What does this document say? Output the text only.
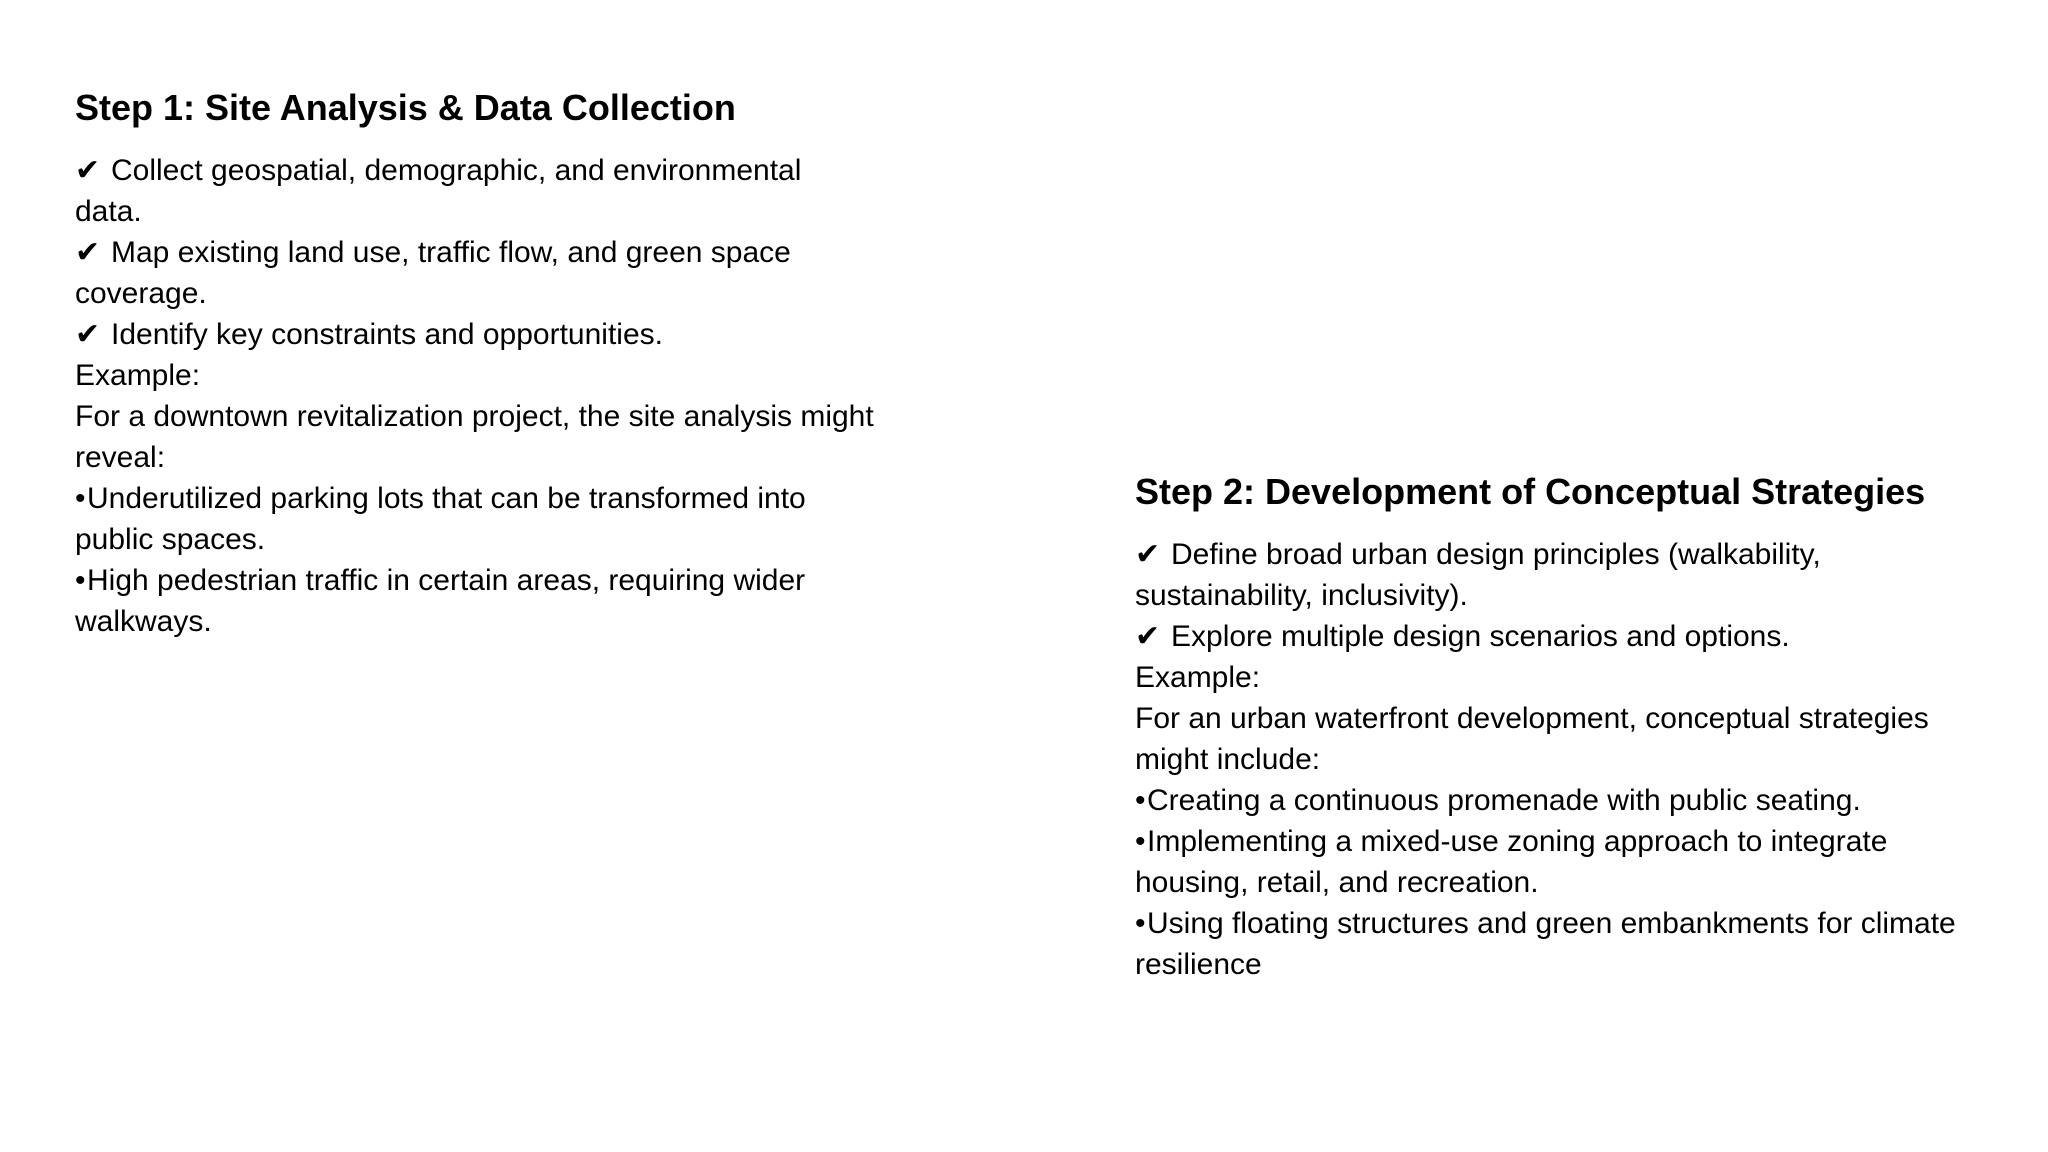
Step 1: Site Analysis & Data Collection
✔ Collect geospatial, demographic, and environmental data.
✔ Map existing land use, traffic flow, and green space coverage.
✔ Identify key constraints and opportunities.
Example:
For a downtown revitalization project, the site analysis might reveal:
•Underutilized parking lots that can be transformed into public spaces.
•High pedestrian traffic in certain areas, requiring wider walkways.
Step 2: Development of Conceptual Strategies
✔ Define broad urban design principles (walkability, sustainability, inclusivity).
✔ Explore multiple design scenarios and options.
Example:
For an urban waterfront development, conceptual strategies might include:
•Creating a continuous promenade with public seating.
•Implementing a mixed-use zoning approach to integrate housing, retail, and recreation.
•Using floating structures and green embankments for climate resilience
